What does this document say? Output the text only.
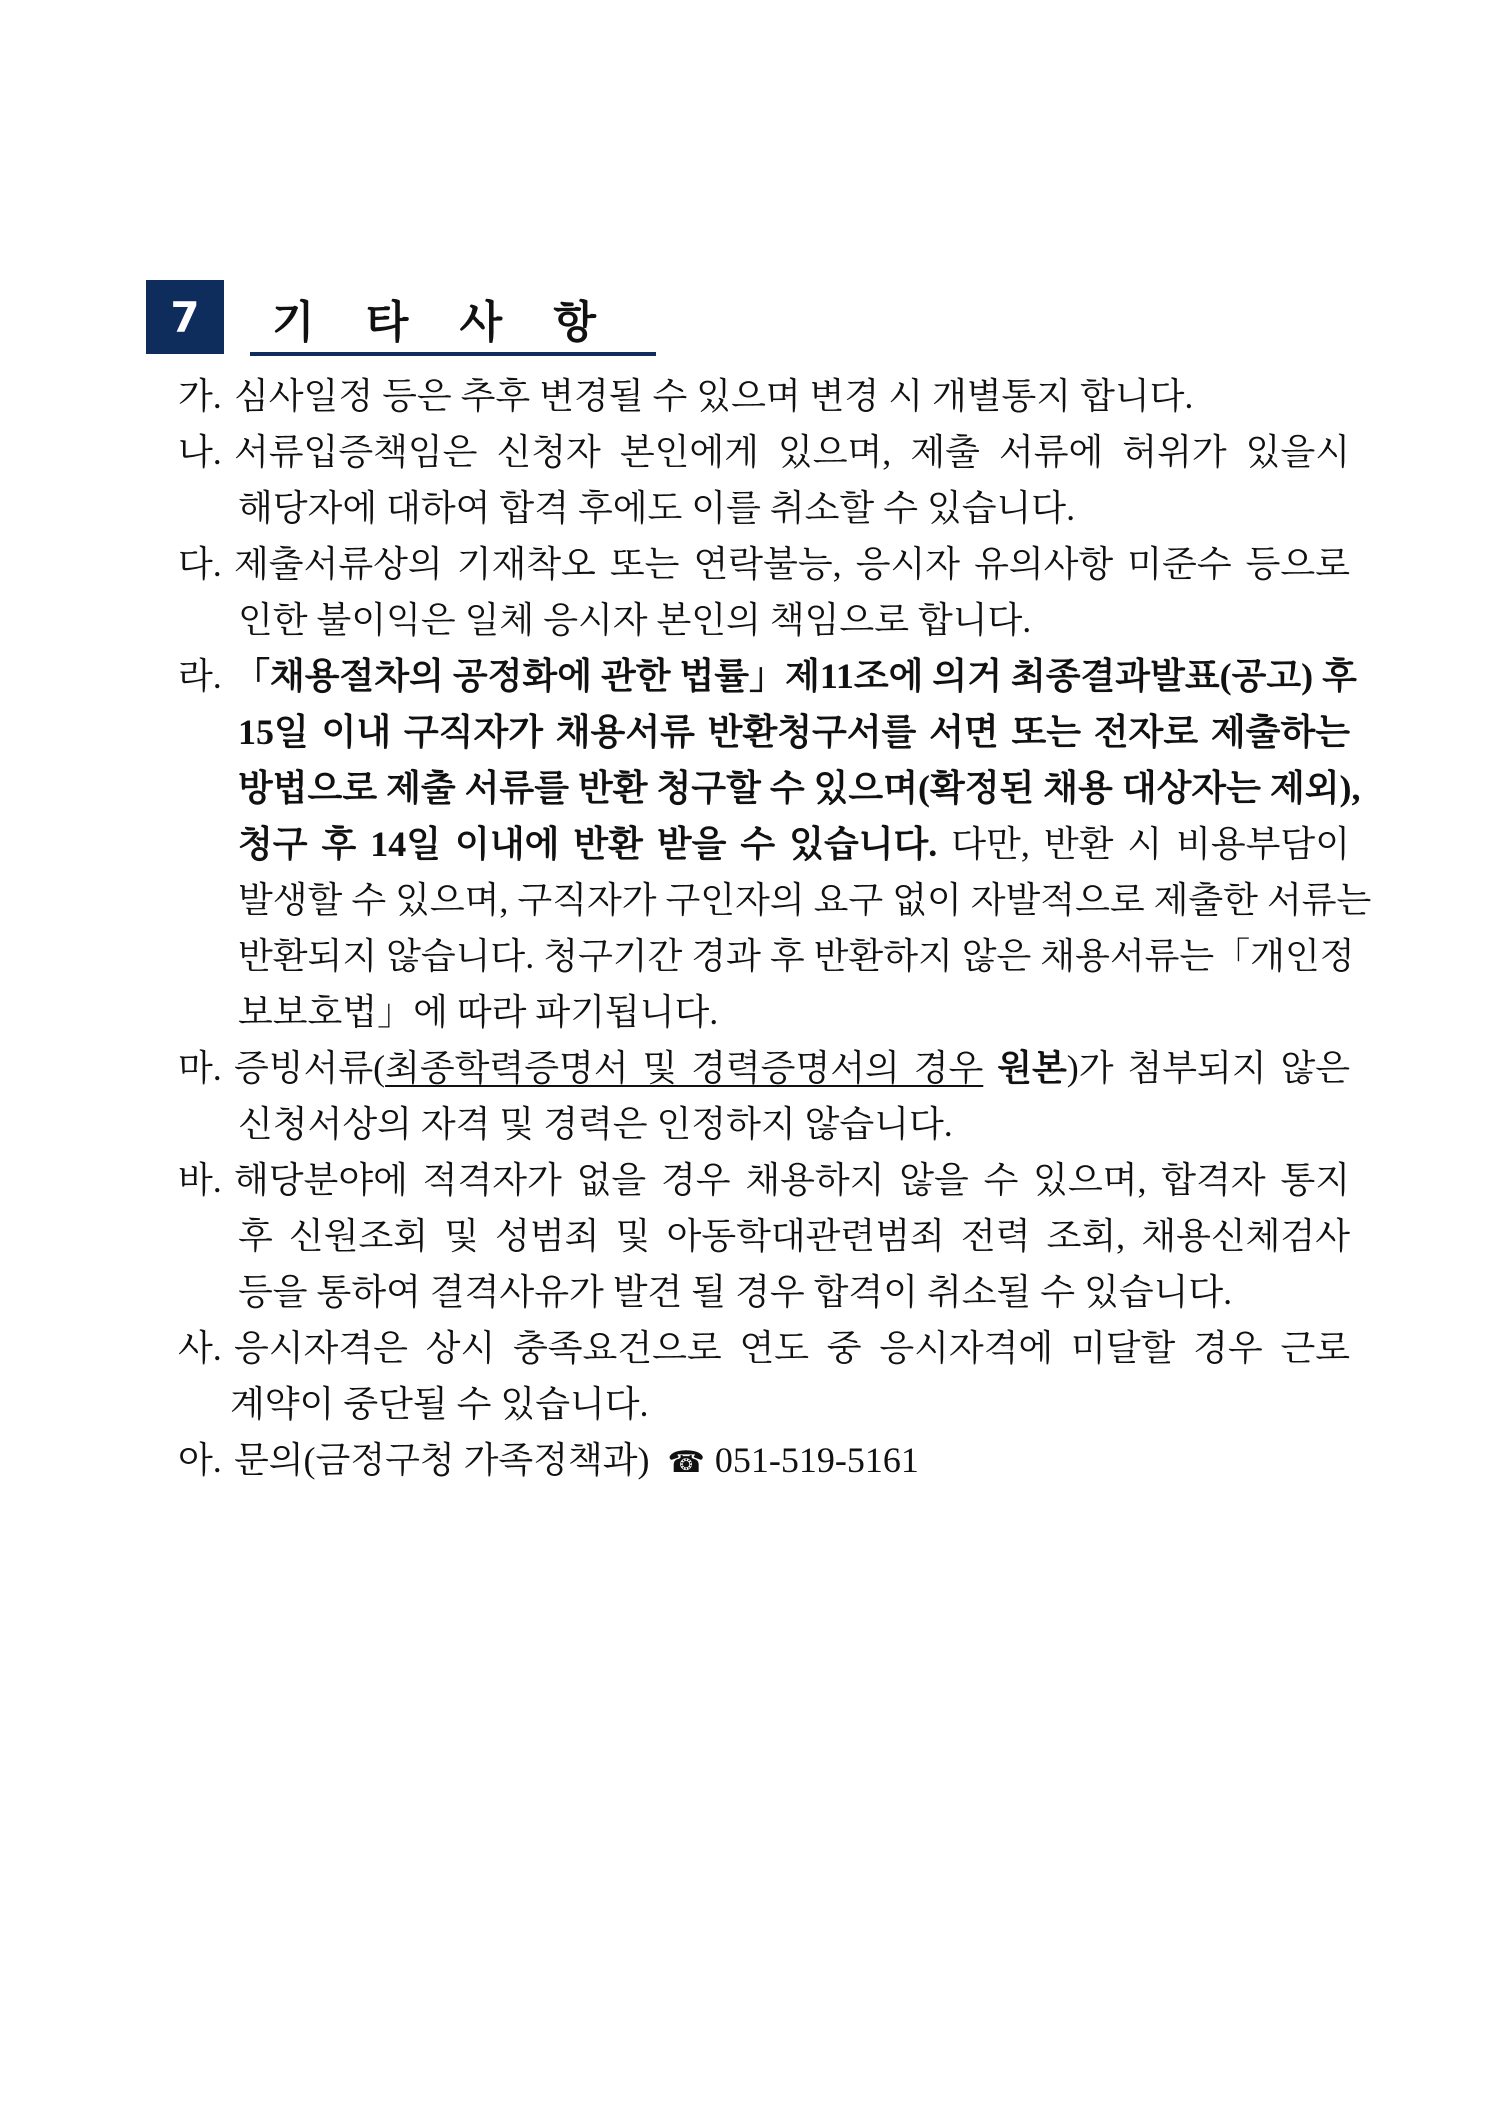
7	기 타 사 항
가. 심사일정 등은 추후 변경될 수 있으며 변경 시 개별통지 합니다.
나. 서류입증책임은 신청자 본인에게 있으며, 제출 서류에 허위가 있을시
해당자에 대하여 합격 후에도 이를 취소할 수 있습니다.
다. 제출서류상의 기재착오 또는 연락불능, 응시자 유의사항 미준수 등으로
인한 불이익은 일체 응시자 본인의 책임으로 합니다.
라. 「채용절차의 공정화에 관한 법률」제11조에 의거 최종결과발표(공고) 후
15일 이내 구직자가 채용서류 반환청구서를 서면 또는 전자로 제출하는
방법으로 제출 서류를 반환 청구할 수 있으며(확정된 채용 대상자는 제외),
청구 후 14일 이내에 반환 받을 수 있습니다. 다만, 반환 시 비용부담이
발생할 수 있으며, 구직자가 구인자의 요구 없이 자발적으로 제출한 서류는
반환되지 않습니다. 청구기간 경과 후 반환하지 않은 채용서류는「개인정
보보호법」에 따라 파기됩니다.
마. 증빙서류(최종학력증명서 및 경력증명서의 경우 원본)가 첨부되지 않은
신청서상의 자격 및 경력은 인정하지 않습니다.
바. 해당분야에 적격자가 없을 경우 채용하지 않을 수 있으며, 합격자 통지
후 신원조회 및 성범죄 및 아동학대관련범죄 전력 조회, 채용신체검사
등을 통하여 결격사유가 발견 될 경우 합격이 취소될 수 있습니다.
사. 응시자격은 상시 충족요건으로 연도 중 응시자격에 미달할 경우 근로
계약이 중단될 수 있습니다.
아. 문의(금정구청 가족정책과) ☎ 051-519-5161
